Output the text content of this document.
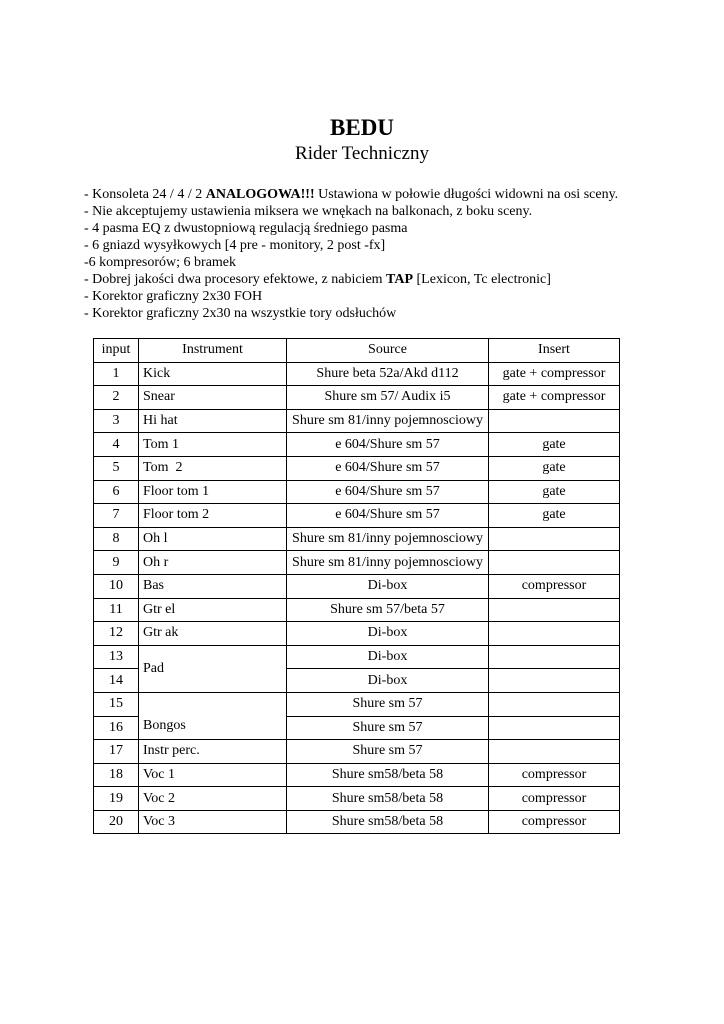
BEDU
Rider Techniczny
- Konsoleta 24 / 4 / 2 ANALOGOWA!!! Ustawiona w połowie długości widowni na osi sceny.
- Nie akceptujemy ustawienia miksera we wnękach na balkonach, z boku sceny.
- 4 pasma EQ z dwustopniową regulacją średniego pasma
- 6 gniazd wysyłkowych [4 pre - monitory, 2 post -fx]
-6 kompresorów; 6 bramek
- Dobrej jakości dwa procesory efektowe, z nabiciem TAP [Lexicon, Tc electronic]
- Korektor graficzny 2x30 FOH
- Korektor graficzny 2x30 na wszystkie tory odsłuchów
input	Instrument	Source	Insert
1	Kick	Shure beta 52a/Akd d112	gate + compressor
2	Snear	Shure sm 57/ Audix i5	gate + compressor
3	Hi hat	Shure sm 81/inny pojemnosciowy	
4	Tom 1	e 604/Shure sm 57	gate
5	Tom  2	e 604/Shure sm 57	gate
6	Floor tom 1	e 604/Shure sm 57	gate
7	Floor tom 2	e 604/Shure sm 57	gate
8	Oh l	Shure sm 81/inny pojemnosciowy	
9	Oh r	Shure sm 81/inny pojemnosciowy	
10	Bas	Di-box	compressor
11	Gtr el	Shure sm 57/beta 57	
12	Gtr ak	Di-box	
13	Pad	Di-box	
14		Di-box	
15	Bongos	Shure sm 57	
16		Shure sm 57	
17	Instr perc.	Shure sm 57	
18	Voc 1	Shure sm58/beta 58	compressor
19	Voc 2	Shure sm58/beta 58	compressor
20	Voc 3	Shure sm58/beta 58	compressor
